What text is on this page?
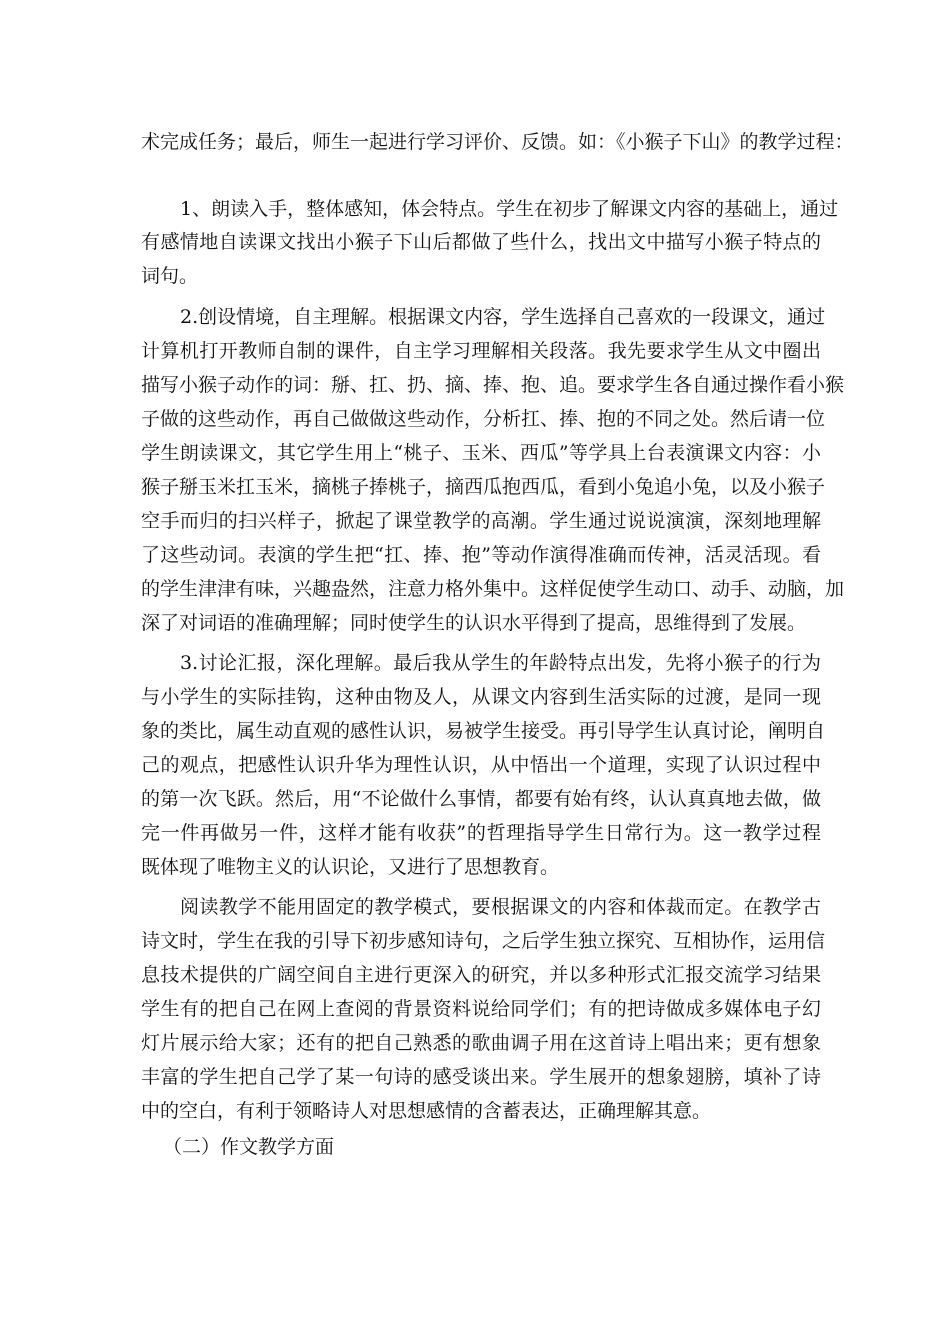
术完成任务；最后，师生一起进行学习评价、反馈。如：《小猴子下山》的教学过程：
1、朗读入手，整体感知，体会特点。学生在初步了解课文内容的基础上，通过
有感情地自读课文找出小猴子下山后都做了些什么，找出文中描写小猴子特点的
词句。
2.创设情境，自主理解。根据课文内容，学生选择自己喜欢的一段课文，通过
计算机打开教师自制的课件，自主学习理解相关段落。我先要求学生从文中圈出
描写小猴子动作的词：掰、扛、扔、摘、捧、抱、追。要求学生各自通过操作看小猴
子做的这些动作，再自己做做这些动作，分析扛、捧、抱的不同之处。然后请一位
学生朗读课文，其它学生用上“桃子、玉米、西瓜”等学具上台表演课文内容：小
猴子掰玉米扛玉米，摘桃子捧桃子，摘西瓜抱西瓜，看到小兔追小兔，以及小猴子
空手而归的扫兴样子，掀起了课堂教学的高潮。学生通过说说演演，深刻地理解
了这些动词。表演的学生把“扛、捧、抱”等动作演得准确而传神，活灵活现。看
的学生津津有味，兴趣盎然，注意力格外集中。这样促使学生动口、动手、动脑，加
深了对词语的准确理解；同时使学生的认识水平得到了提高，思维得到了发展。
3.讨论汇报，深化理解。最后我从学生的年龄特点出发，先将小猴子的行为
与小学生的实际挂钩，这种由物及人，从课文内容到生活实际的过渡，是同一现
象的类比，属生动直观的感性认识，易被学生接受。再引导学生认真讨论，阐明自
己的观点，把感性认识升华为理性认识，从中悟出一个道理，实现了认识过程中
的第一次飞跃。然后，用“不论做什么事情，都要有始有终，认认真真地去做，做
完一件再做另一件，这样才能有收获”的哲理指导学生日常行为。这一教学过程
既体现了唯物主义的认识论，又进行了思想教育。
阅读教学不能用固定的教学模式，要根据课文的内容和体裁而定。在教学古
诗文时，学生在我的引导下初步感知诗句，之后学生独立探究、互相协作，运用信
息技术提供的广阔空间自主进行更深入的研究，并以多种形式汇报交流学习结果
学生有的把自己在网上查阅的背景资料说给同学们；有的把诗做成多媒体电子幻
灯片展示给大家；还有的把自己熟悉的歌曲调子用在这首诗上唱出来；更有想象
丰富的学生把自己学了某一句诗的感受谈出来。学生展开的想象翅膀，填补了诗
中的空白，有利于领略诗人对思想感情的含蓄表达，正确理解其意。
（二）作文教学方面
